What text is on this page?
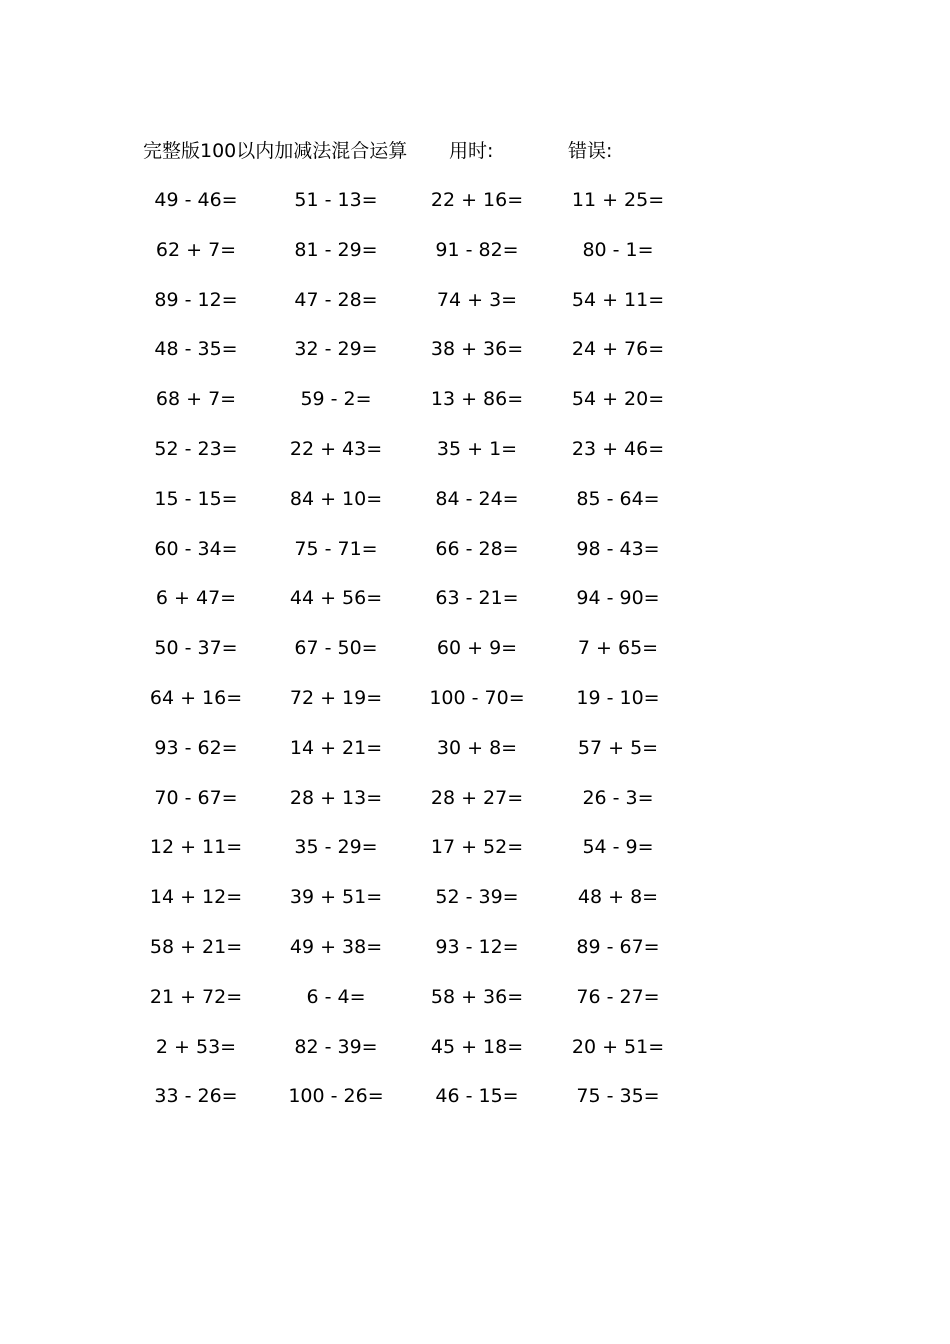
完整版100以内加减法混合运算 用时:	错误:
49 - 46=	51 - 13=	22 + 16=	11 + 25=
62 + 7=	81 - 29=	91 - 82=	80 - 1=
89 - 12=	47 - 28=	74 + 3=	54 + 11=
48 - 35=	32 - 29=	38 + 36=	24 + 76=
68 + 7=	59 - 2=	13 + 86=	54 + 20=
52 - 23=	22 + 43=	35 + 1=	23 + 46=
15 - 15=	84 + 10=	84 - 24=	85 - 64=
60 - 34=	75 - 71=	66 - 28=	98 - 43=
6 + 47=	44 + 56=	63 - 21=	94 - 90=
50 - 37=	67 - 50=	60 + 9=	7 + 65=
64 + 16=	72 + 19=	100 - 70=	19 - 10=
93 - 62=	14 + 21=	30 + 8=	57 + 5=
70 - 67=	28 + 13=	28 + 27=	26 - 3=
12 + 11=	35 - 29=	17 + 52=	54 - 9=
14 + 12=	39 + 51=	52 - 39=	48 + 8=
58 + 21=	49 + 38=	93 - 12=	89 - 67=
21 + 72=	6 - 4=	58 + 36=	76 - 27=
2 + 53=	82 - 39=	45 + 18=	20 + 51=
33 - 26=	100 - 26=	46 - 15=	75 - 35=
